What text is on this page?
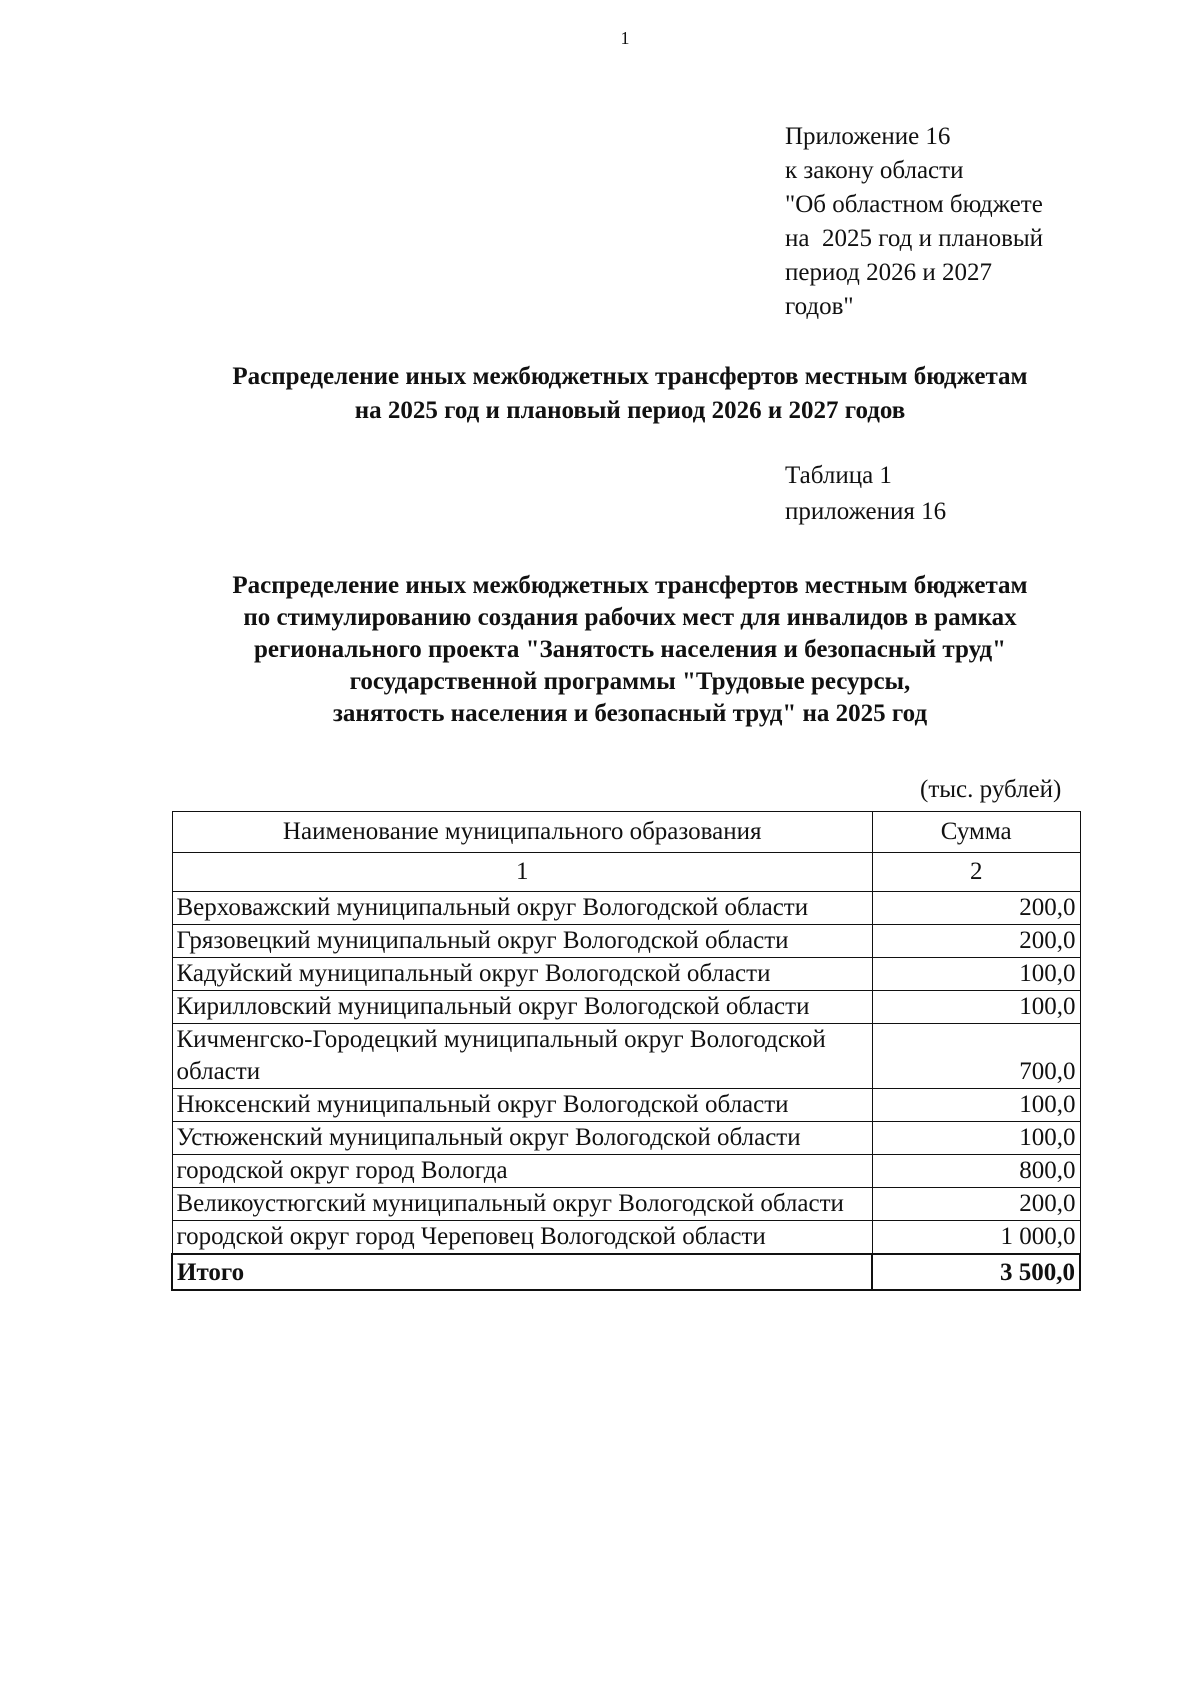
1
Приложение 16
к закону области
"Об областном бюджете
на  2025 год и плановый
период 2026 и 2027
годов"
Распределение иных межбюджетных трансфертов местным бюджетам
на 2025 год и плановый период 2026 и 2027 годов
Таблица 1
приложения 16
Распределение иных межбюджетных трансфертов местным бюджетам
по стимулированию создания рабочих мест для инвалидов в рамках
регионального проекта "Занятость населения и безопасный труд"
государственной программы "Трудовые ресурсы,
занятость населения и безопасный труд" на 2025 год
(тыс. рублей)
Наименование муниципального образования	Сумма
1	2
Верховажский муниципальный округ Вологодской области	200,0
Грязовецкий муниципальный округ Вологодской области	200,0
Кадуйский муниципальный округ Вологодской области	100,0
Кирилловский муниципальный округ Вологодской области	100,0
Кичменгско-Городецкий муниципальный округ Вологодской области	700,0
Нюксенский муниципальный округ Вологодской области	100,0
Устюженский муниципальный округ Вологодской области	100,0
городской округ город Вологда	800,0
Великоустюгский муниципальный округ Вологодской области	200,0
городской округ город Череповец Вологодской области	1 000,0
Итого	3 500,0
